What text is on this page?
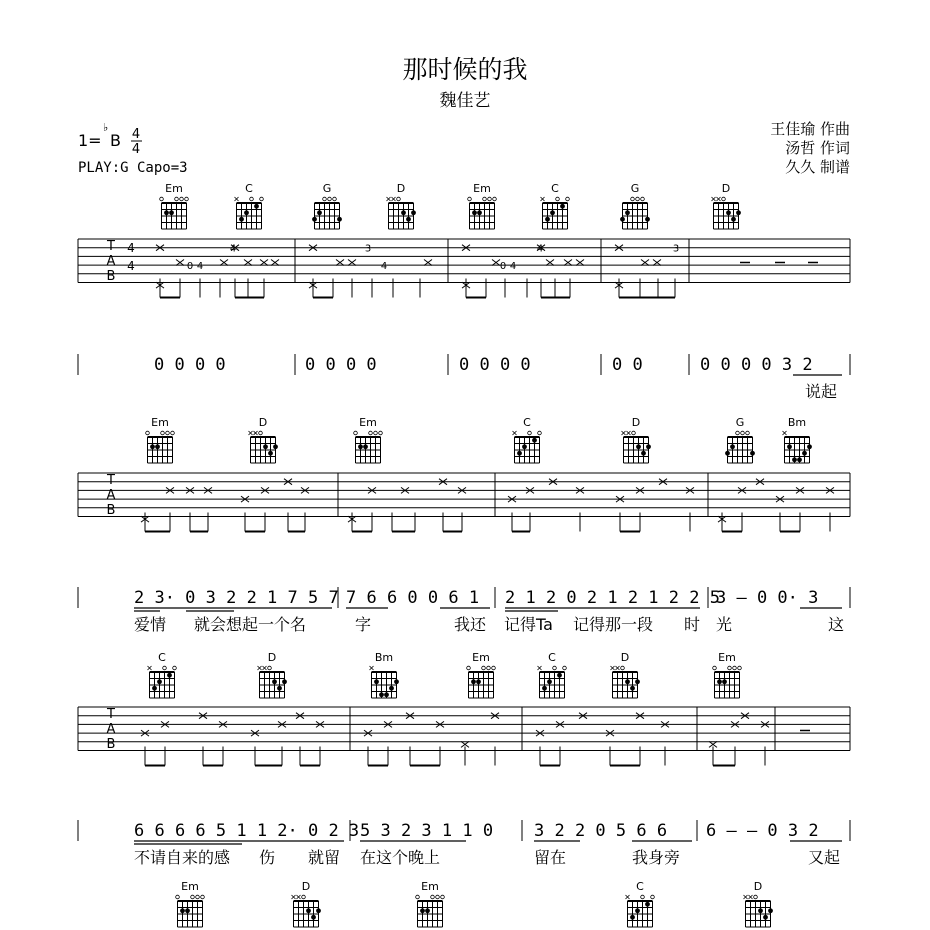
那时候的我
魏佳艺
1=
♭
B 4
4
PLAY:G Capo=3
王佳瑜 作曲
汤哲 作词
久久 制谱
Em	C	G	D	Em	C	G	D
T
A
B
4
4	0 4
4	3
4	0 4
4	3
0 0 0 0	0 0 0 0	0 0 0 0	0 0	0 0 0 0 3 2
说起
Em	D	Em	C	D	G	Bm
T
A
B
2 3· 0 3 2 2 1 7 5 7 7 6 6 0 0 6 1 2 1 2 0 2 1 2 1 2 2 5
3 – 0 0· 3
爱情 就会想起一个名	字	我还 记得Ta 记得那一段 时 光	这
C	D	Bm	Em	C	D	Em
T
A
B
6 6 6 6 5 1 1 2· 0 2 3 5 3 2 3 1 1 0 3 2 2 0 5 6 6 6 – – 0 3 2
不请自来的感 伤 就留 在这个晚上	留在	我身旁	又起
Em	D	Em	C	D
